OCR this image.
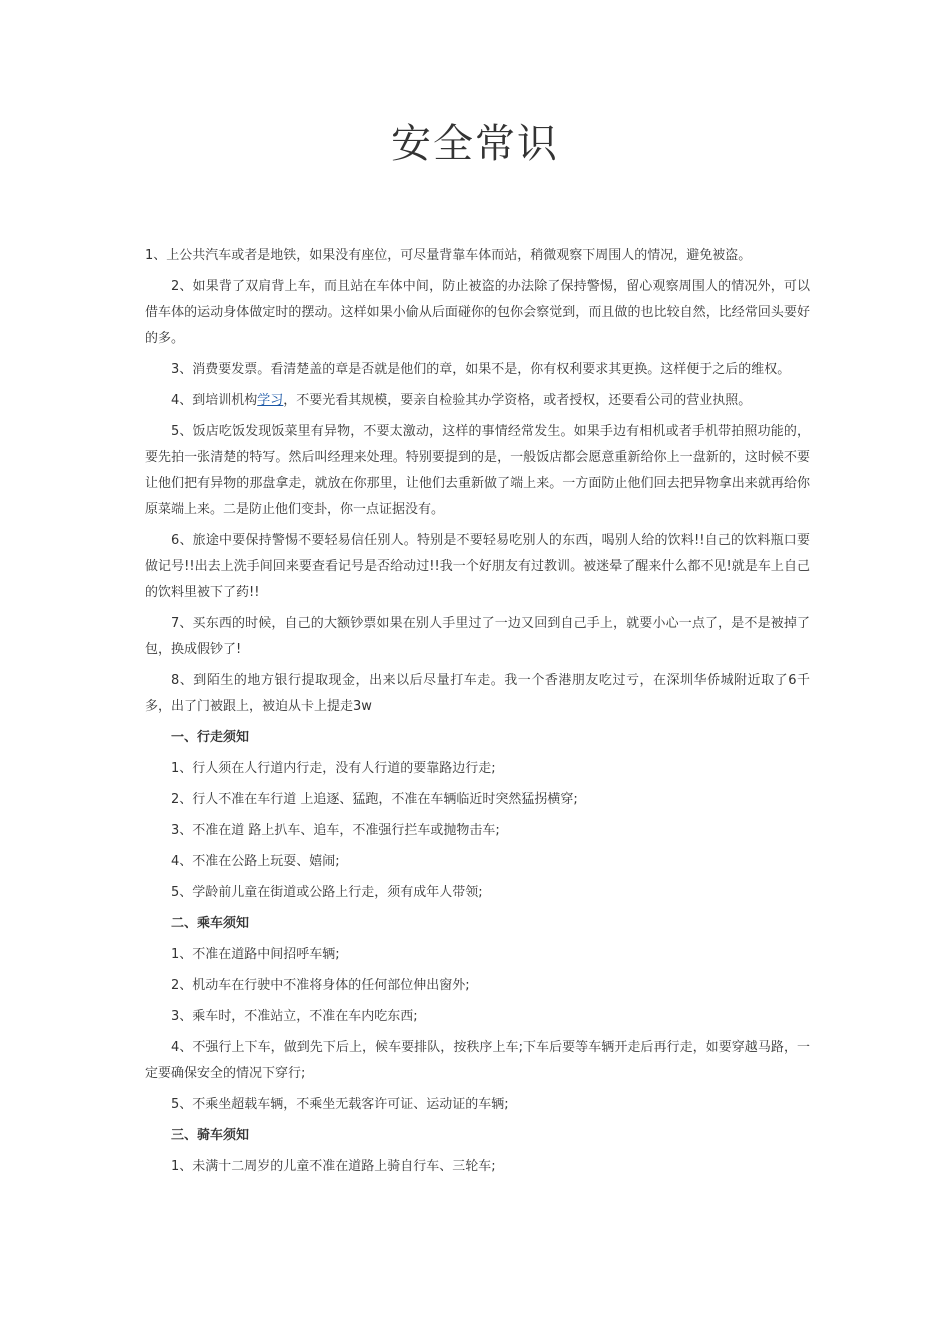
安全常识

1、上公共汽车或者是地铁，如果没有座位，可尽量背靠车体而站，稍微观察下周围人的情况，避免被盗。

2、如果背了双肩背上车，而且站在车体中间，防止被盗的办法除了保持警惕，留心观察周围人的情况外，可以借车体的运动身体做定时的摆动。这样如果小偷从后面碰你的包你会察觉到，而且做的也比较自然，比经常回头要好的多。

3、消费要发票。看清楚盖的章是否就是他们的章，如果不是，你有权利要求其更换。这样便于之后的维权。

4、到培训机构学习，不要光看其规模，要亲自检验其办学资格，或者授权，还要看公司的营业执照。

5、饭店吃饭发现饭菜里有异物，不要太激动，这样的事情经常发生。如果手边有相机或者手机带拍照功能的，要先拍一张清楚的特写。然后叫经理来处理。特别要提到的是，一般饭店都会愿意重新给你上一盘新的，这时候不要让他们把有异物的那盘拿走，就放在你那里，让他们去重新做了端上来。一方面防止他们回去把异物拿出来就再给你原菜端上来。二是防止他们变卦，你一点证据没有。

6、旅途中要保持警惕不要轻易信任别人。特别是不要轻易吃别人的东西，喝别人给的饮料!!自己的饮料瓶口要做记号!!出去上洗手间回来要查看记号是否给动过!!我一个好朋友有过教训。被迷晕了醒来什么都不见!就是车上自己的饮料里被下了药!!

7、买东西的时候，自己的大额钞票如果在别人手里过了一边又回到自己手上，就要小心一点了，是不是被掉了包，换成假钞了!

8、到陌生的地方银行提取现金，出来以后尽量打车走。我一个香港朋友吃过亏，在深圳华侨城附近取了6千多，出了门被跟上，被迫从卡上提走3w

一、行走须知

1、行人须在人行道内行走，没有人行道的要靠路边行走;

2、行人不准在车行道 上追逐、猛跑，不准在车辆临近时突然猛拐横穿;

3、不准在道 路上扒车、追车，不准强行拦车或抛物击车;

4、不准在公路上玩耍、嬉闹;

5、学龄前儿童在街道或公路上行走，须有成年人带领;

二、乘车须知

1、不准在道路中间招呼车辆;

2、机动车在行驶中不准将身体的任何部位伸出窗外;

3、乘车时，不准站立，不准在车内吃东西;

4、不强行上下车，做到先下后上，候车要排队，按秩序上车;下车后要等车辆开走后再行走，如要穿越马路，一定要确保安全的情况下穿行;

5、不乘坐超载车辆，不乘坐无载客许可证、运动证的车辆;

三、骑车须知

1、未满十二周岁的儿童不准在道路上骑自行车、三轮车;
